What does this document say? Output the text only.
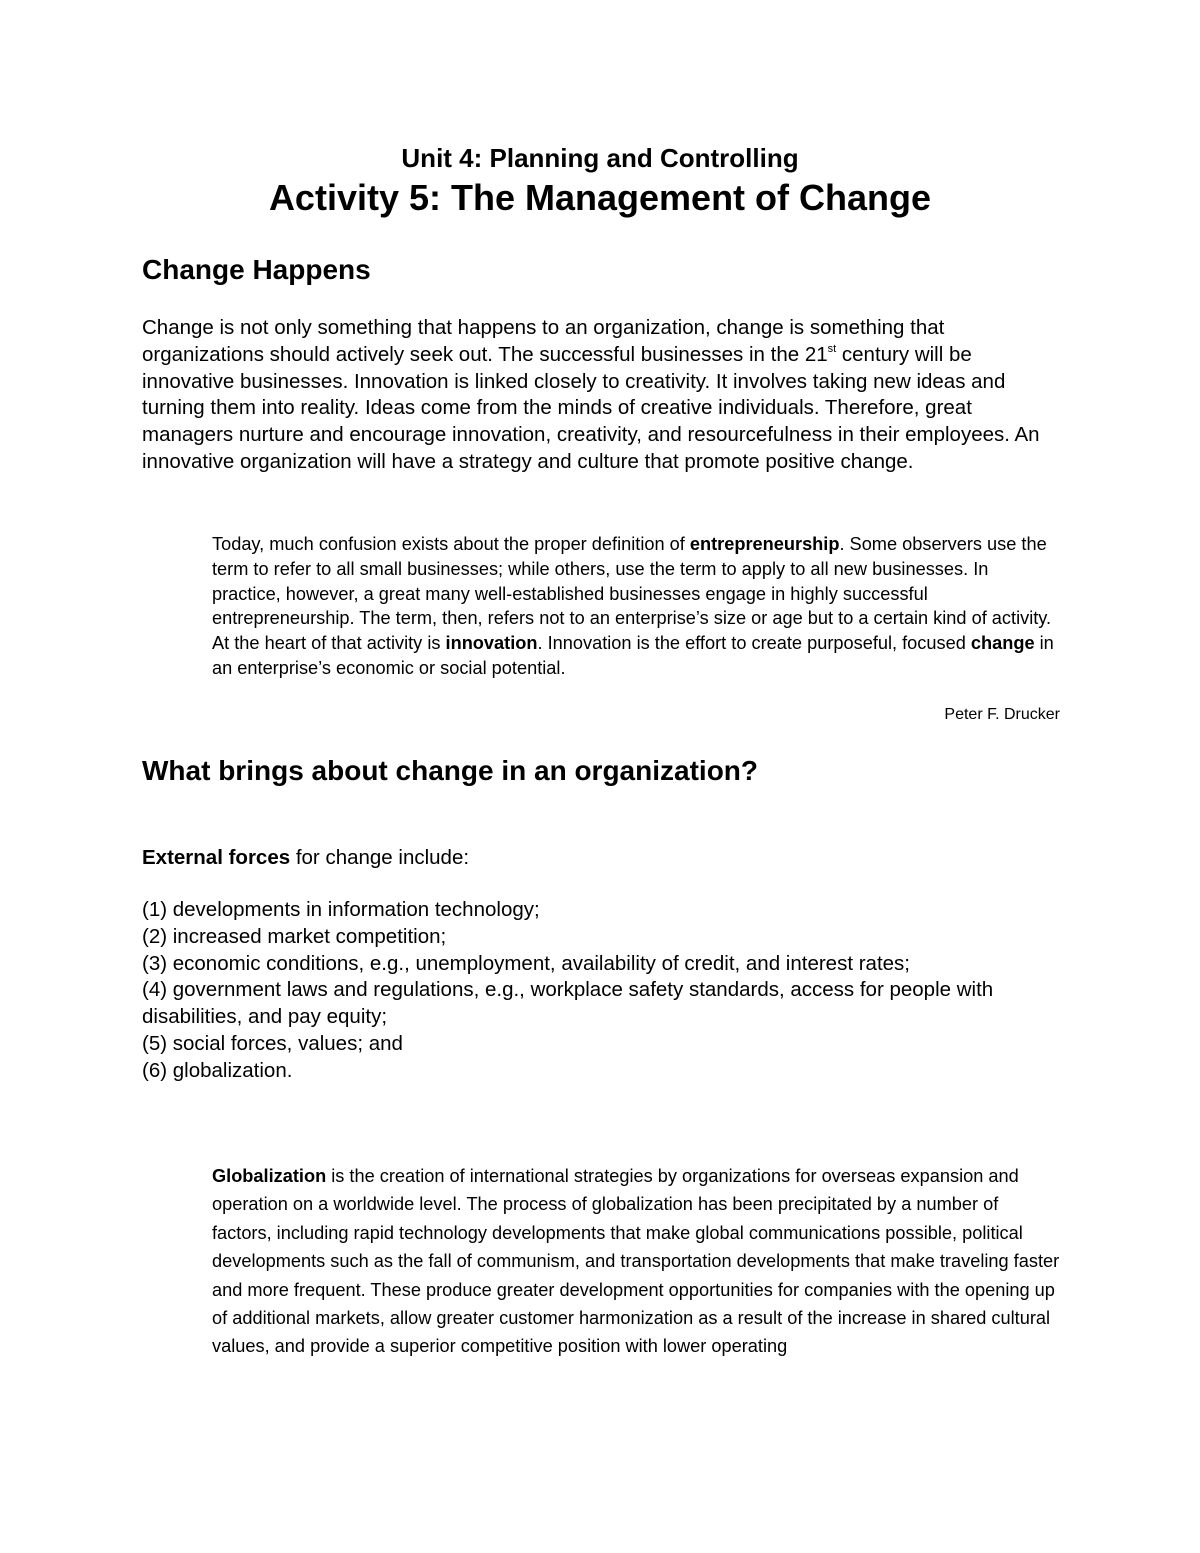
Unit 4: Planning and Controlling
Activity 5: The Management of Change
Change Happens

Change is not only something that happens to an organization, change is something that organizations should actively seek out. The successful businesses in the 21st century will be innovative businesses. Innovation is linked closely to creativity. It involves taking new ideas and turning them into reality. Ideas come from the minds of creative individuals. Therefore, great managers nurture and encourage innovation, creativity, and resourcefulness in their employees. An innovative organization will have a strategy and culture that promote positive change.

Today, much confusion exists about the proper definition of entrepreneurship. Some observers use the term to refer to all small businesses; while others, use the term to apply to all new businesses. In practice, however, a great many well-established businesses engage in highly successful entrepreneurship. The term, then, refers not to an enterprise’s size or age but to a certain kind of activity. At the heart of that activity is innovation. Innovation is the effort to create purposeful, focused change in an enterprise’s economic or social potential.

Peter F. Drucker
What brings about change in an organization?
External forces for change include:
(1) developments in information technology;
(2) increased market competition;
(3) economic conditions, e.g., unemployment, availability of credit, and interest rates;
(4) government laws and regulations, e.g., workplace safety standards, access for people with disabilities, and pay equity;
(5) social forces, values; and
(6) globalization.

Globalization is the creation of international strategies by organizations for overseas expansion and operation on a worldwide level. The process of globalization has been precipitated by a number of factors, including rapid technology developments that make global communications possible, political developments such as the fall of communism, and transportation developments that make traveling faster and more frequent. These produce greater development opportunities for companies with the opening up of additional markets, allow greater customer harmonization as a result of the increase in shared cultural values, and provide a superior competitive position with lower operating
